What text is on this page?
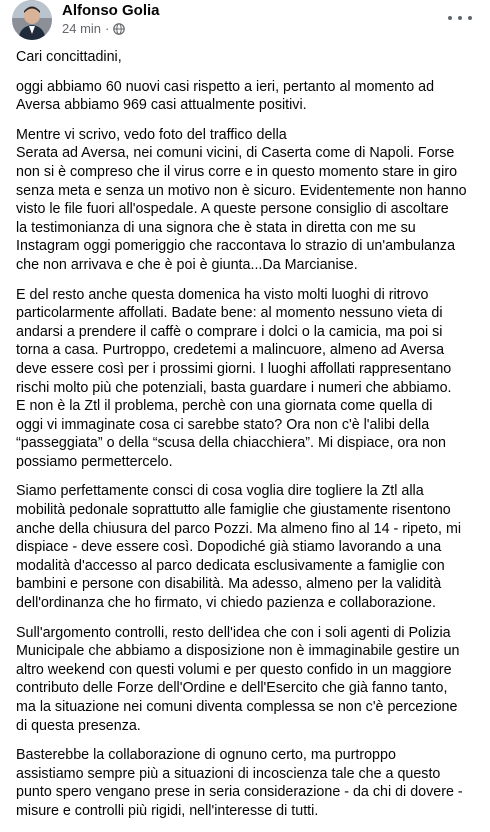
Alfonso Golia
24 min ·

Cari concittadini,

oggi abbiamo 60 nuovi casi rispetto a ieri, pertanto al momento ad
Aversa abbiamo 969 casi attualmente positivi.

Mentre vi scrivo, vedo foto del traffico della
Serata ad Aversa, nei comuni vicini, di Caserta come di Napoli. Forse
non si è compreso che il virus corre e in questo momento stare in giro
senza meta e senza un motivo non è sicuro. Evidentemente non hanno
visto le file fuori all'ospedale. A queste persone consiglio di ascoltare
la testimonianza di una signora che è stata in diretta con me su
Instagram oggi pomeriggio che raccontava lo strazio di un'ambulanza
che non arrivava e che è poi è giunta...Da Marcianise.

E del resto anche questa domenica ha visto molti luoghi di ritrovo
particolarmente affollati. Badate bene: al momento nessuno vieta di
andarsi a prendere il caffè o comprare i dolci o la camicia, ma poi si
torna a casa. Purtroppo, credetemi a malincuore, almeno ad Aversa
deve essere così per i prossimi giorni. I luoghi affollati rappresentano
rischi molto più che potenziali, basta guardare i numeri che abbiamo.
E non è la Ztl il problema, perchè con una giornata come quella di
oggi vi immaginate cosa ci sarebbe stato? Ora non c'è l'alibi della
“passeggiata” o della “scusa della chiacchiera”. Mi dispiace, ora non
possiamo permettercelo.

Siamo perfettamente consci di cosa voglia dire togliere la Ztl alla
mobilità pedonale soprattutto alle famiglie che giustamente risentono
anche della chiusura del parco Pozzi. Ma almeno fino al 14 - ripeto, mi
dispiace - deve essere così. Dopodiché già stiamo lavorando a una
modalità d'accesso al parco dedicata esclusivamente a famiglie con
bambini e persone con disabilità. Ma adesso, almeno per la validità
dell'ordinanza che ho firmato, vi chiedo pazienza e collaborazione.

Sull'argomento controlli, resto dell'idea che con i soli agenti di Polizia
Municipale che abbiamo a disposizione non è immaginabile gestire un
altro weekend con questi volumi e per questo confido in un maggiore
contributo delle Forze dell'Ordine e dell'Esercito che già fanno tanto,
ma la situazione nei comuni diventa complessa se non c'è percezione
di questa presenza.

Basterebbe la collaborazione di ognuno certo, ma purtroppo
assistiamo sempre più a situazioni di incoscienza tale che a questo
punto spero vengano prese in seria considerazione - da chi di dovere -
misure e controlli più rigidi, nell'interesse di tutti.
